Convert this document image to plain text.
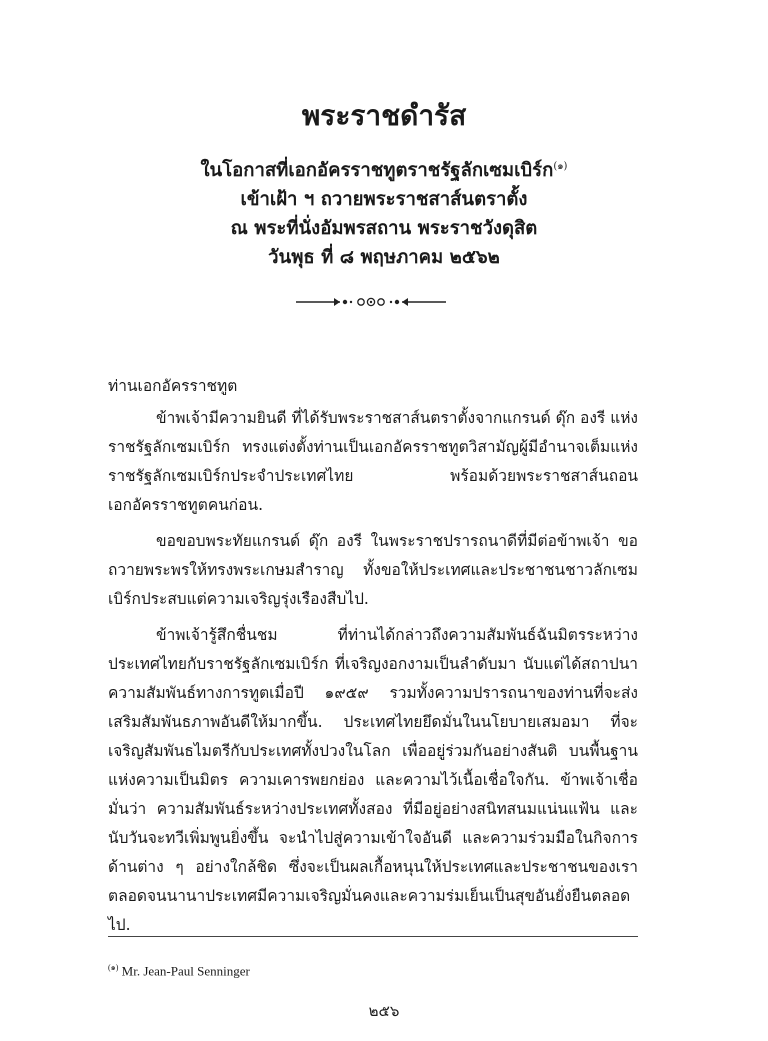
พระราชดำรัส
ในโอกาสที่เอกอัครราชทูตราชรัฐลักเซมเบิร์ก$^{(๑)}$
เข้าเฝ้า ฯ ถวายพระราชสาส์นตราตั้ง
ณ พระที่นั่งอัมพรสถาน พระราชวังดุสิต
วันพุธ ที่ ๘ พฤษภาคม ๒๕๖๒

ท่านเอกอัครราชทูต

ข้าพเจ้ามีความยินดี ที่ได้รับพระราชสาส์นตราตั้งจากแกรนด์ ดุ๊ก องรี แห่งราชรัฐลักเซมเบิร์ก ทรงแต่งตั้งท่านเป็นเอกอัครราชทูตวิสามัญผู้มีอำนาจเต็มแห่งราชรัฐลักเซมเบิร์กประจำประเทศไทย พร้อมด้วยพระราชสาส์นถอนเอกอัครราชทูตคนก่อน.

ขอขอบพระทัยแกรนด์ ดุ๊ก องรี ในพระราชปรารถนาดีที่มีต่อข้าพเจ้า ขอถวายพระพรให้ทรงพระเกษมสำราญ ทั้งขอให้ประเทศและประชาชนชาวลักเซมเบิร์กประสบแต่ความเจริญรุ่งเรืองสืบไป.

ข้าพเจ้ารู้สึกชื่นชม ที่ท่านได้กล่าวถึงความสัมพันธ์ฉันมิตรระหว่างประเทศไทยกับราชรัฐลักเซมเบิร์ก ที่เจริญงอกงามเป็นลำดับมา นับแต่ได้สถาปนาความสัมพันธ์ทางการทูตเมื่อปี ๑๙๕๙ รวมทั้งความปรารถนาของท่านที่จะส่งเสริมสัมพันธภาพอันดีให้มากขึ้น. ประเทศไทยยึดมั่นในนโยบายเสมอมา ที่จะเจริญสัมพันธไมตรีกับประเทศทั้งปวงในโลก เพื่ออยู่ร่วมกันอย่างสันติ บนพื้นฐานแห่งความเป็นมิตร ความเคารพยกย่อง และความไว้เนื้อเชื่อใจกัน. ข้าพเจ้าเชื่อมั่นว่า ความสัมพันธ์ระหว่างประเทศทั้งสอง ที่มีอยู่อย่างสนิทสนมแน่นแฟ้น และนับวันจะทวีเพิ่มพูนยิ่งขึ้น จะนำไปสู่ความเข้าใจอันดี และความร่วมมือในกิจการด้านต่าง ๆ อย่างใกล้ชิด ซึ่งจะเป็นผลเกื้อหนุนให้ประเทศและประชาชนของเรา ตลอดจนนานาประเทศมีความเจริญมั่นคงและความร่มเย็นเป็นสุขอันยั่งยืนตลอดไป.

$^{(๑)}$ Mr. Jean-Paul Senninger

๒๕๖
